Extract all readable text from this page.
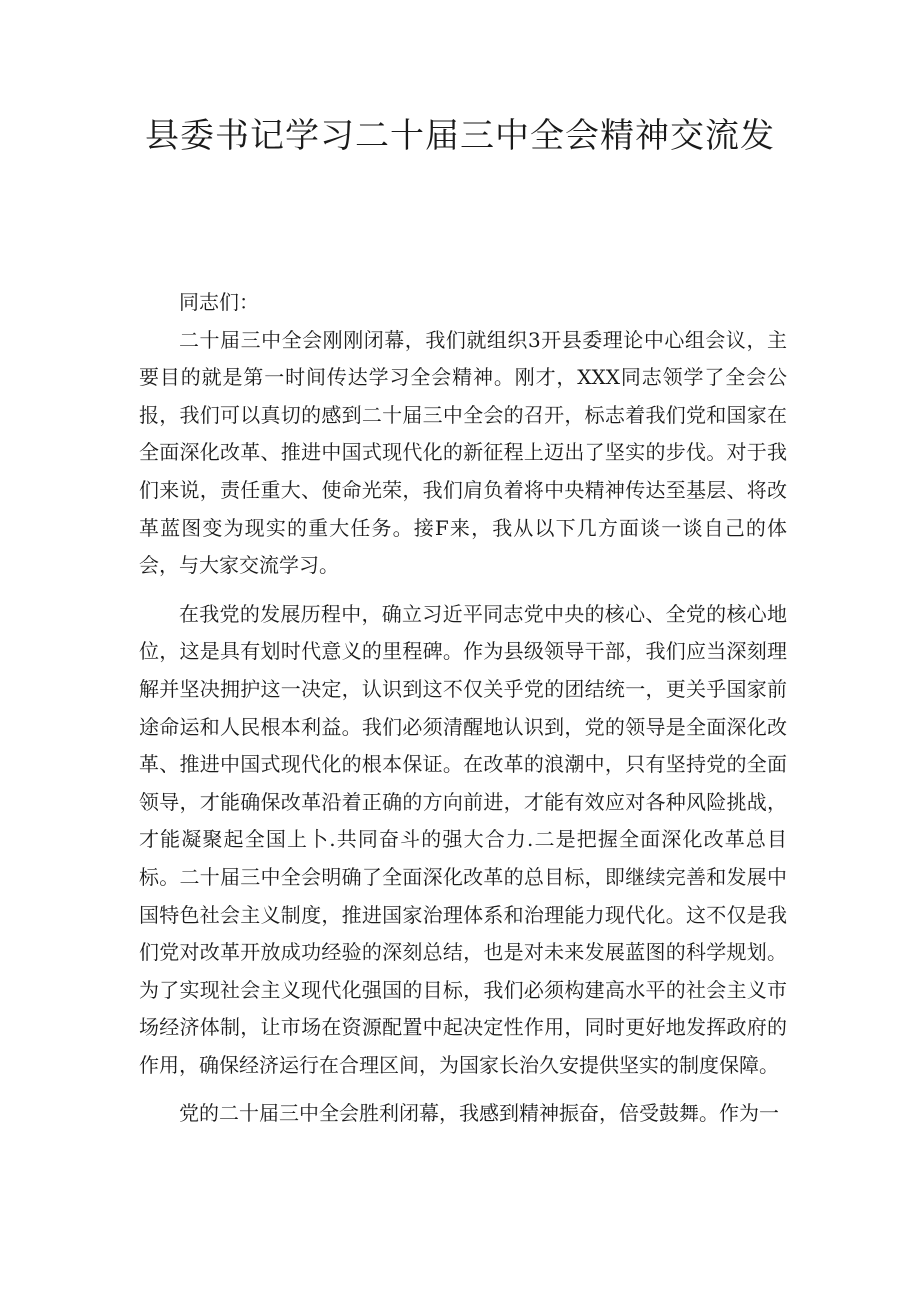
县委书记学习二十届三中全会精神交流发

同志们：

二十届三中全会刚刚闭幕，我们就组织3开县委理论中心组会议，主要目的就是第一时间传达学习全会精神。刚才，XXX同志领学了全会公报，我们可以真切的感到二十届三中全会的召开，标志着我们党和国家在全面深化改革、推进中国式现代化的新征程上迈出了坚实的步伐。对于我们来说，责任重大、使命光荣，我们肩负着将中央精神传达至基层、将改革蓝图变为现实的重大任务。接F来，我从以下几方面谈一谈自己的体会，与大家交流学习。

在我党的发展历程中，确立习近平同志党中央的核心、全党的核心地位，这是具有划时代意义的里程碑。作为县级领导干部，我们应当深刻理解并坚决拥护这一决定，认识到这不仅关乎党的团结统一，更关乎国家前途命运和人民根本利益。我们必须清醒地认识到，党的领导是全面深化改革、推进中国式现代化的根本保证。在改革的浪潮中，只有坚持党的全面领导，才能确保改革沿着正确的方向前进，才能有效应对各种风险挑战，才能凝聚起全国上卜.共同奋斗的强大合力.二是把握全面深化改革总目标。二十届三中全会明确了全面深化改革的总目标，即继续完善和发展中国特色社会主义制度，推进国家治理体系和治理能力现代化。这不仅是我们党对改革开放成功经验的深刻总结，也是对未来发展蓝图的科学规划。为了实现社会主义现代化强国的目标，我们必须构建高水平的社会主义市场经济体制，让市场在资源配置中起决定性作用，同时更好地发挥政府的作用，确保经济运行在合理区间，为国家长治久安提供坚实的制度保障。

党的二十届三中全会胜利闭幕，我感到精神振奋，倍受鼓舞。作为一
